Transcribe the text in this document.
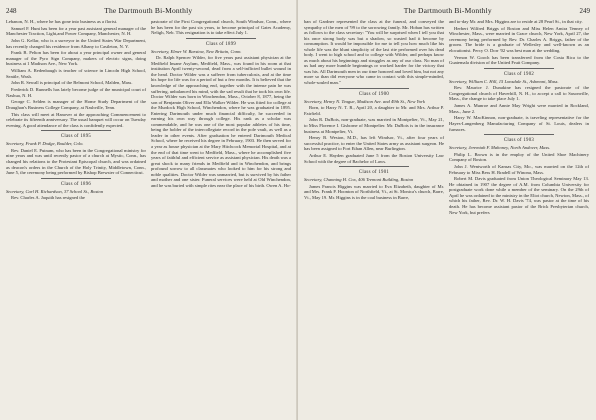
248	The Dartmouth Bi-Monthly

Lebanon, N. H., where he has gone into business as a florist.

Samuel F. Hunt has been for a year past assistant general manager of the Manchester Traction, Light,and Power Company, Manchester, N. H.

John G. Kellar, who is a surveyor in the United States War Department, has recently changed his residence from Albany to Castleton, N. Y.

Frank B. Pelton has been for about a year principal owner and general manager of the Pyro Sign Company, makers of electric signs, doing business at 1 Madison Ave., New York.

William A. Redenbaugh is teacher of science in Lincoln High School, Seattle, Wash.

John R. Sewall is principal of the Belmont School, Malden, Mass.

Frederick D. Runnells has lately become judge of the municipal court of Nashua, N. H.

George C. Selden is manager of the Home Study Department of the Draughan's Business College Company, at Nashville, Tenn.

This class will meet at Hanover at the approaching Commencement to celebrate its fifteenth anniversary. The usual banquet will occur on Tuesday evening. A good attendance of the class is confidently expected.

Class of 1895

Secretary, Frank P. Dodge, Boulder, Colo.

Rev. Daniel E. Putnam, who has been in the Congregational ministry for nine years and was until recently pastor of a church at Mystic, Conn., has changed his relations to the Protestant Episcopal church, and was ordained as deacon's orders in the Church of the Holy Trinity, Middletown, Conn., June 5, the ceremony being performed by Bishop Brewster of Connecticut.

Class of 1896

Secretary, Carl H. Richardson, 37 School St., Boston

Rev. Charles A. Jaquith has resigned the

pastorate of the First Congregational church, South Windsor, Conn., where he has been for the past six years, to become principal of Gates Academy, Neligh, Neb. This resignation is to take effect July 1.

Class of 1899

Secretary, Elmer W. Barstow, New Britain, Conn.

Dr. Ralph Spencer Wilder, for five years past assistant physician at the Medfield Insane Asylum, Medfield, Mass., was found in his room at that institution April twenty-second, dead from a self-inflicted bullet wound in the head. Doctor Wilder was a sufferer from tuberculosis, and at the time his hope for life was for a period of but a few months. It is believed that the knowledge of the approaching end, together with the intense pain he was suffering, unbalanced his mind, with the sad result that he took his own life. Doctor Wilder was born in Winchendon, Mass., October 8, 1877, being the son of Benjamin Oliver and Ella Walker Wilder. He was fitted for college at the Murdock High School, Winchendon, where he was graduated in 1895. Entering Dartmouth under much financial difficulty, he succeeded in earning his own way through college. His rank as a scholar was commendable, and he was one of the most popular athletes of his time, being the holder of the intercollegiate record in the pole vault, as well as a leader in other events. After graduation he entered Dartmouth Medical School, where he received his degree in February, 1903. He then served for a year as house physician at the Mary Hitchcock Memorial Hospital, and at the end of that time went to Medfield, Mass., where he accomplished five years of faithful and efficient service as assistant physician. His death was a great shock to many friends in Medfield and in Winchendon, and brings profound sorrow to all classmates who looked to him for his strong and noble qualities. Doctor Wilder was unmarried, but is survived by his father and mother and one sister. Funeral services were held at Old Winchendon, and he was buried with simple rites near the place of his birth. Owen A. Ho-

The Dartmouth Bi-Monthly	249

ban of Gardner represented the class at the funeral, and conveyed the sympathy of the men of '99 to the sorrowing family. Mr. Hoban has written as follows to the class secretary: "You will be surprised when I tell you that his once strong body was but a shadow, so wasted had it become by consumption. It would be impossible for me to tell you how much like his whole life was the blunt simplicity of the last rite performed over his dead body. I went to high school and to college with Wilder, and perhaps know as much about his beginnings and struggles as any of our class. No man of us had any more humble beginnings or worked harder for the victory that was his. All Dartmouth men in our time honored and loved him, but not any more so than did everyone who came in contact with this simple-minded, whole-souled man."

Class of 1900

Secretary, Henry N. Teague, Madison Ave. and 49th St., New York

Born, to Harry N. T. R., April 20, a daughter to Mr. and Mrs. Arthur P. Fairfield.

John R. DuBois, non-graduate, was married in Montpelier, Vt., May 21, to Miss Florence I. Gisborne of Montpelier. Mr. DuBois is in the insurance business at Montpelier, Vt.

Henry B. Weston, M.D., has left Windsor, Vt., after four years of successful practice, to enter the United States army as assistant surgeon. He has been assigned to Fort Ethan Allen, near Burlington.

Arthur E. Hayden graduated June 5 from the Boston University Law School with the degree of Bachelor of Laws.

Class of 1901

Secretary, Channing H. Cox, 406 Tremont Building, Boston

James Francis Higgins was married to Eva Elizabeth, daughter of Mr. and Mrs. Frank P. Hoonton of Northfield, Vt., at St. Monica's church, Barre, Vt., May 19. Mr. Higgins is in the coal business in Barre,

and to-day Mr. and Mrs. Higgins are to reside at 28 Pearl St., in that city.

Herbert Wilfred Briggs of Boston and Miss Helen Amira Tenney of Winchester, Mass., were married in Grace church, New York, April 27, the ceremony being performed by Rev. Dr. Charles A. Briggs, father of the groom. The bride is a graduate of Wellesley and well-known as an elocutionist. Percy O. Dorr '02 was best man at the wedding.

Vernon W. Gooch has been transferred from the Costa Rica to the Guatemala division of the United Fruit Company.

Class of 1902

Secretary, William C. Hill, 15 Lonsdale St., Ashmont, Mass.

Rev. Maurice J. Dunakine has resigned the pastorate of the Congregational church of Haverhill, N. H., to accept a call to Saxonville, Mass., the change to take place July 1.

James A. Munroe and Annie May Wright were married in Rockland, Mass., June 2.

Harry W. MacKinnon, non-graduate, is traveling representative for the Hayes-Langenberg Manufacturing Company of St. Louis, dealers in furnaces.

Class of 1903

Secretary, Jeremiah F. Mahoney, North Andover, Mass.

Philip L. Brown is in the employ of the United Shoe Machinery Company of Boston.

John J. Wentworth of Kansas City, Mo., was married on the 12th of February to Miss Bess H. Bradell of Winona, Mass.

Robert M. Davis graduated from Union Theological Seminary May 13. He obtained in 1907 the degree of A.M. from Columbia University for postgraduate work done while a member of the seminary. On the 29th of April he was ordained to the ministry in the Eliot church, Newton, Mass., of which his father, Rev. Dr. W. H. Davis '74, was pastor at the time of his death. He has become assistant pastor of the Brick Presbyterian church, New York, but prefers
